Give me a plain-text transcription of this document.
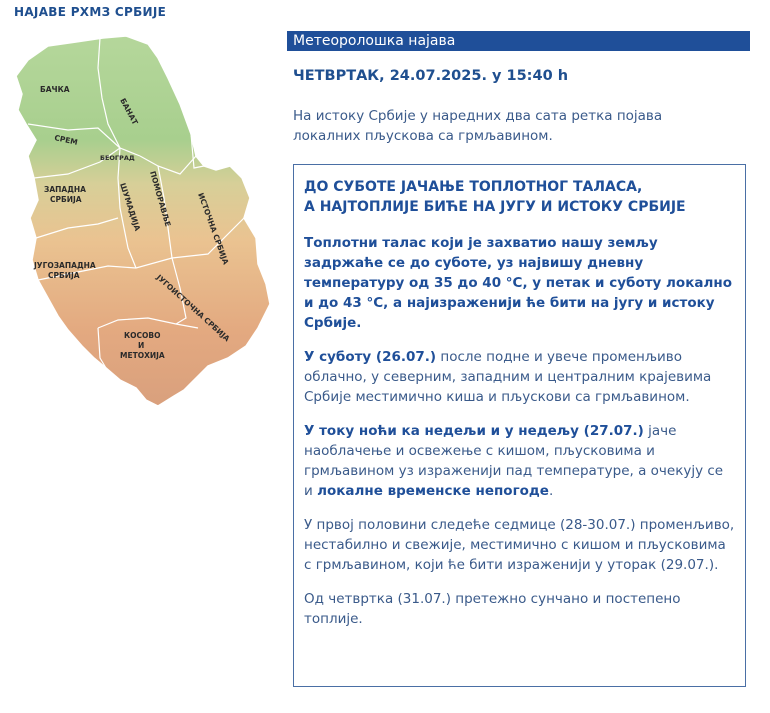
НАЈАВЕ РХМЗ СРБИЈЕ
БАЧКА
БАНАТ
СРЕМ
БЕОГРАД
ЗАПАДНА
СРБИЈА	ШУМАДИЈА ПОМОРАВЉЕ	ИСТОЧНА СРБИЈА
ЈУГОЗАПАДНА
СРБИЈА	ЈУГОИСТОЧНА СРБИЈА
КОСОВО
И
МЕТОХИЈА
Метеоролошка најава
ЧЕТВРТАК, 24.07.2025. у 15:40 h
На истоку Србије у наредних два сата ретка појава локалних пљускова са грмљавином.
ДО СУБОТЕ ЈАЧАЊЕ ТОПЛОТНОГ ТАЛАСА,
А НАЈТОПЛИЈЕ БИЋЕ НА ЈУГУ И ИСТОКУ СРБИЈЕ
Топлотни талас који је захватио нашу земљу задржаће се до суботе, уз највишу дневну температуру од 35 до 40 °C, у петак и суботу локално и до 43 °C, а најизраженији ће бити на југу и истоку Србије.
У суботу (26.07.) после подне и увече променљиво облачно, у северним, западним и централним крајевима Србије местимично киша и пљускови са грмљавином.
У току ноћи ка недељи и у недељу (27.07.) јаче наоблачење и освежење с кишом, пљусковима и грмљавином уз израженији пад температуре, а очекују се и локалне временске непогоде.
У првој половини следеће седмице (28-30.07.) променљиво, нестабилно и свежије, местимично с кишом и пљусковима с грмљавином, који ће бити израженији у уторак (29.07.).
Од четвртка (31.07.) претежно сунчано и постепено топлије.
